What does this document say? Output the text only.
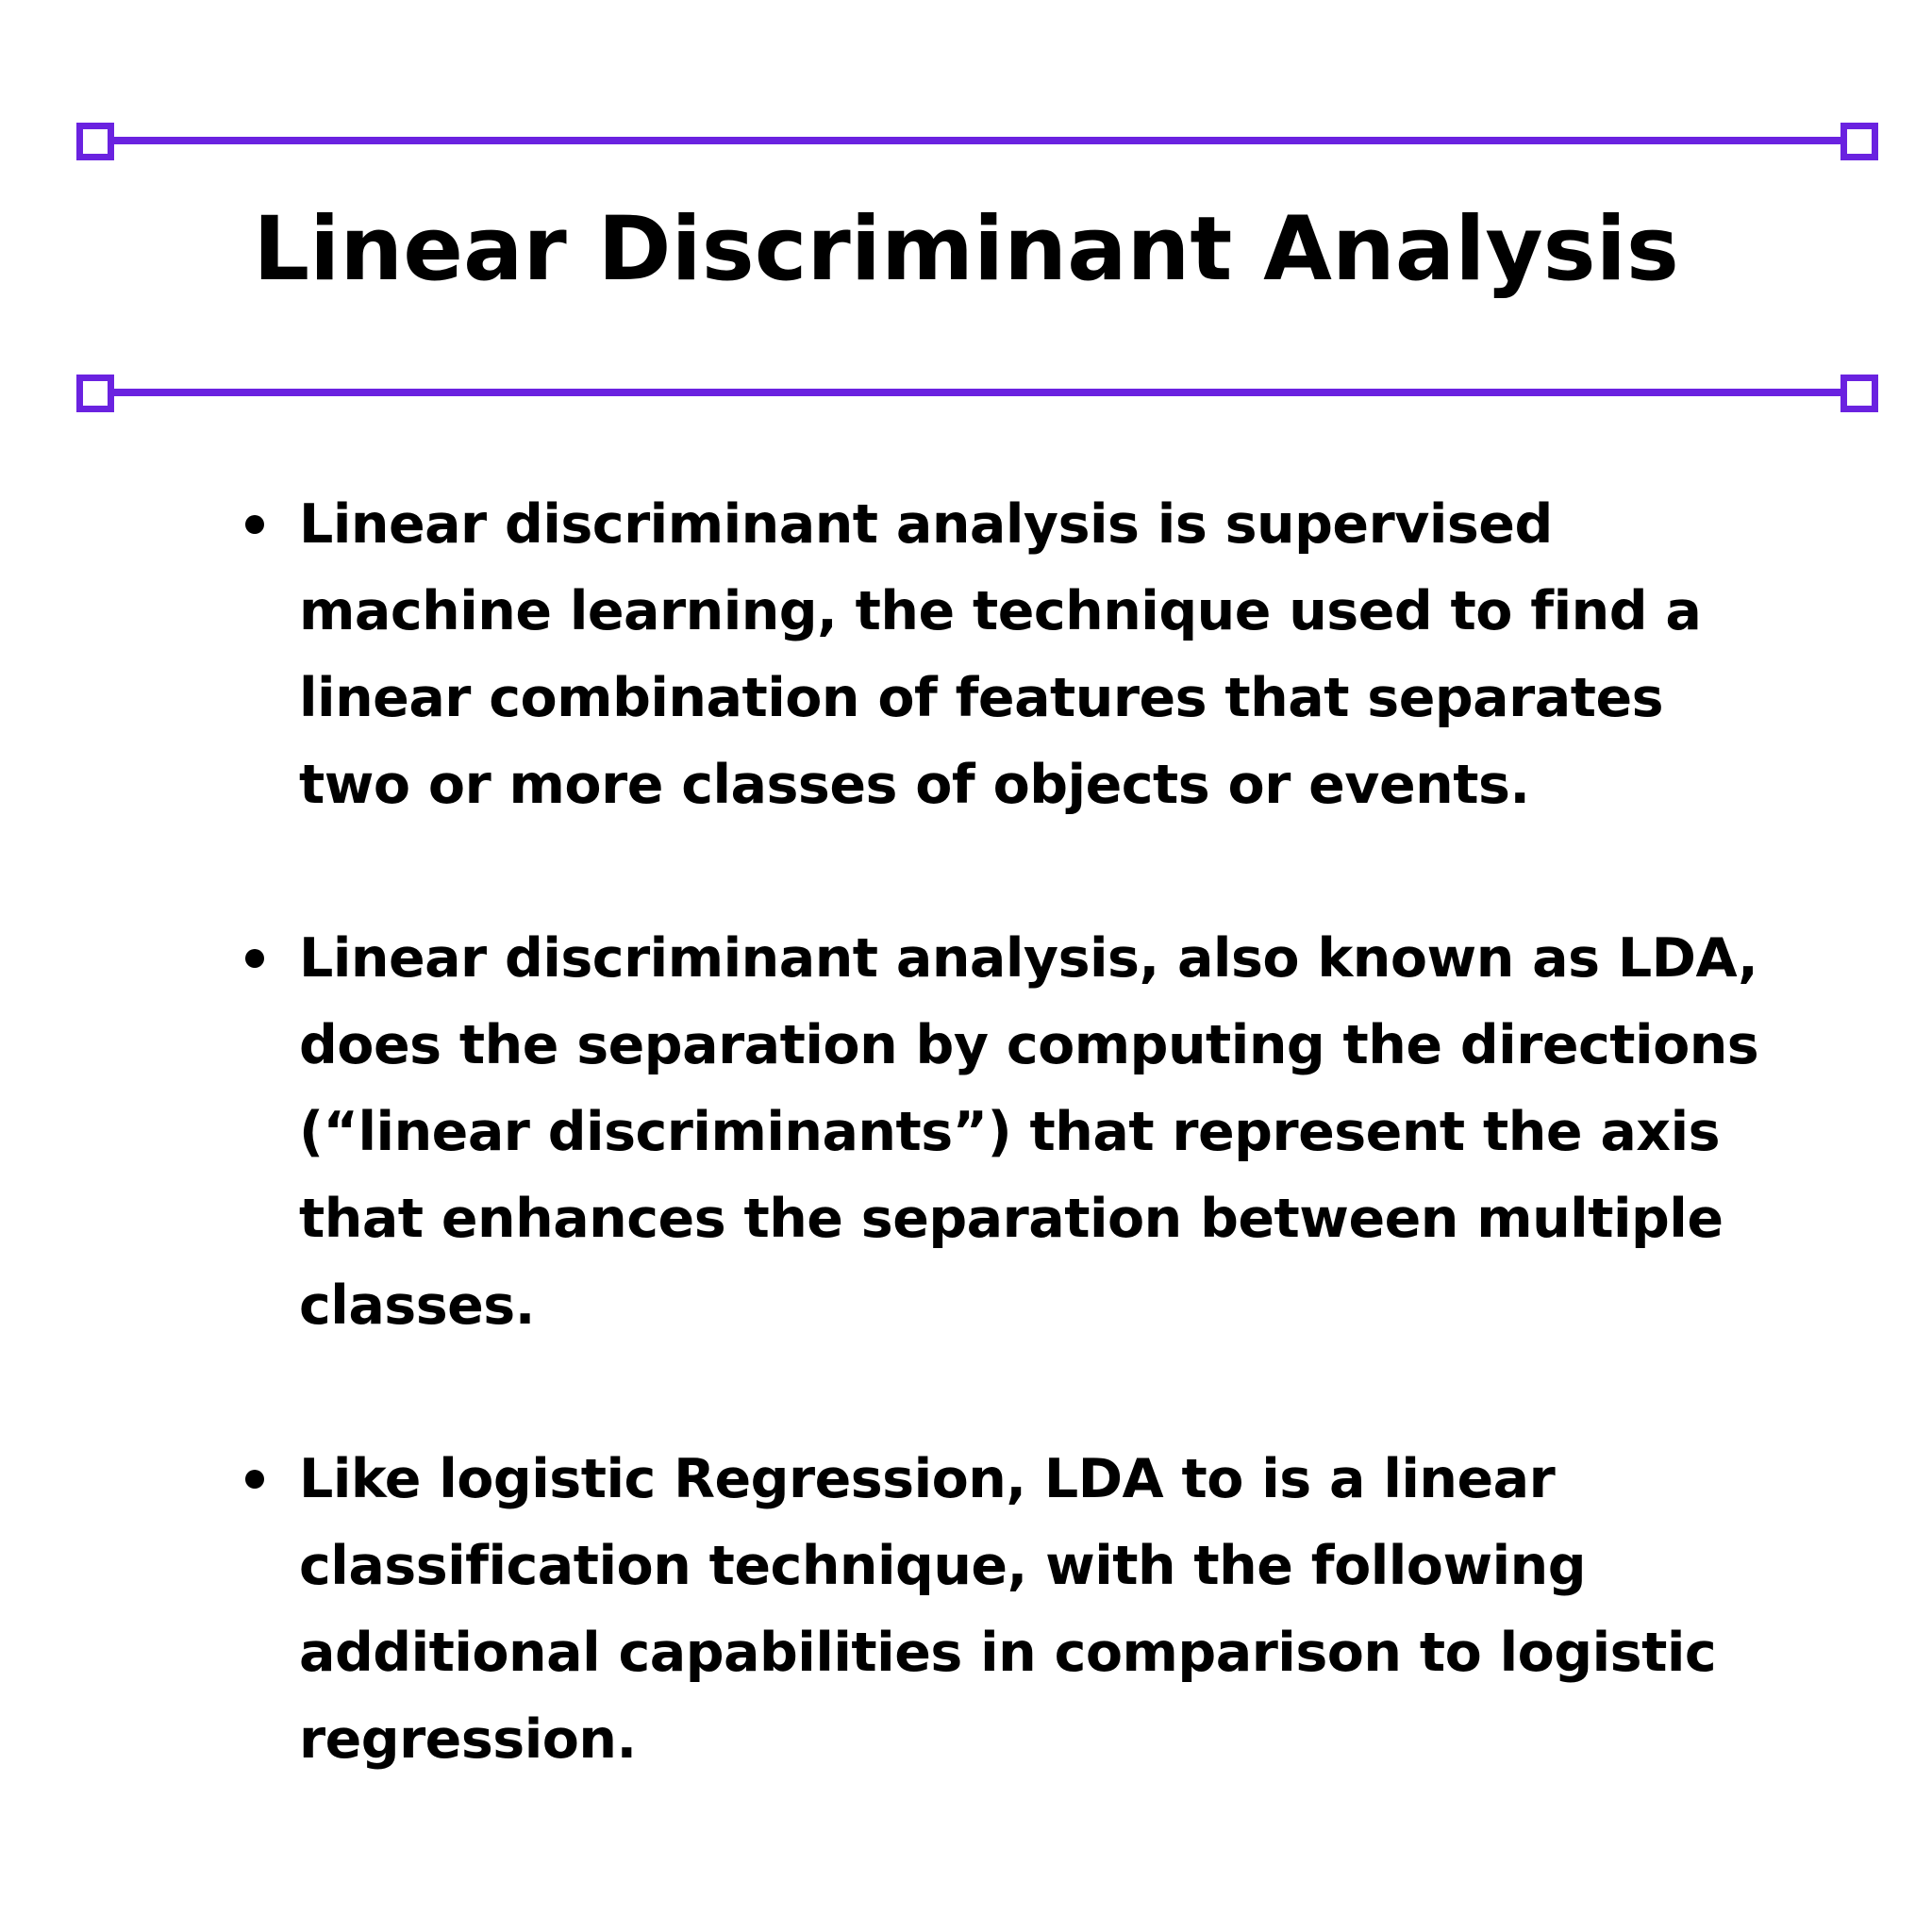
Linear Discriminant Analysis
Linear discriminant analysis is supervised machine learning, the technique used to find a linear combination of features that separates two or more classes of objects or events.
Linear discriminant analysis, also known as LDA, does the separation by computing the directions (“linear discriminants”) that represent the axis that enhances the separation between multiple classes.
Like logistic Regression, LDA to is a linear classification technique, with the following additional capabilities in comparison to logistic regression.
